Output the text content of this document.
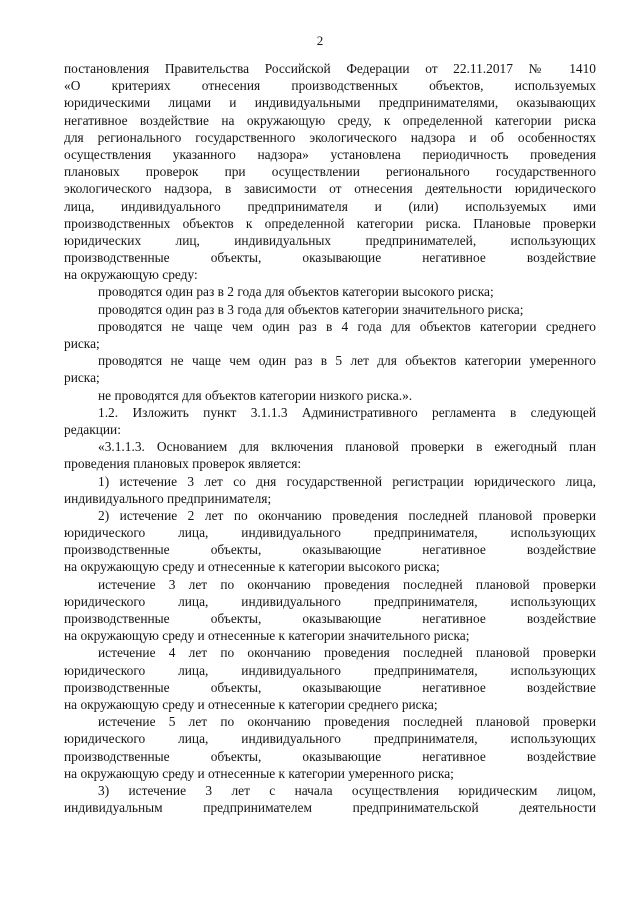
2
постановления Правительства Российской Федерации от 22.11.2017 № 1410
«О критериях отнесения производственных объектов, используемых
юридическими лицами и индивидуальными предпринимателями, оказывающих
негативное воздействие на окружающую среду, к определенной категории риска
для регионального государственного экологического надзора и об особенностях
осуществления указанного надзора» установлена периодичность проведения
плановых проверок при осуществлении регионального государственного
экологического надзора, в зависимости от отнесения деятельности юридического
лица, индивидуального предпринимателя и (или) используемых ими
производственных объектов к определенной категории риска. Плановые проверки
юридических лиц, индивидуальных предпринимателей, использующих
производственные объекты, оказывающие негативное воздействие
на окружающую среду:
проводятся один раз в 2 года для объектов категории высокого риска;
проводятся один раз в 3 года для объектов категории значительного риска;
проводятся не чаще чем один раз в 4 года для объектов категории среднего
риска;
проводятся не чаще чем один раз в 5 лет для объектов категории умеренного
риска;
не проводятся для объектов категории низкого риска.».
1.2. Изложить пункт 3.1.1.3 Административного регламента в следующей
редакции:
«3.1.1.3. Основанием для включения плановой проверки в ежегодный план
проведения плановых проверок является:
1) истечение 3 лет со дня государственной регистрации юридического лица,
индивидуального предпринимателя;
2) истечение 2 лет по окончанию проведения последней плановой проверки
юридического лица, индивидуального предпринимателя, использующих
производственные объекты, оказывающие негативное воздействие
на окружающую среду и отнесенные к категории высокого риска;
истечение 3 лет по окончанию проведения последней плановой проверки
юридического лица, индивидуального предпринимателя, использующих
производственные объекты, оказывающие негативное воздействие
на окружающую среду и отнесенные к категории значительного риска;
истечение 4 лет по окончанию проведения последней плановой проверки
юридического лица, индивидуального предпринимателя, использующих
производственные объекты, оказывающие негативное воздействие
на окружающую среду и отнесенные к категории среднего риска;
истечение 5 лет по окончанию проведения последней плановой проверки
юридического лица, индивидуального предпринимателя, использующих
производственные объекты, оказывающие негативное воздействие
на окружающую среду и отнесенные к категории умеренного риска;
3) истечение 3 лет с начала осуществления юридическим лицом,
индивидуальным предпринимателем предпринимательской деятельности
